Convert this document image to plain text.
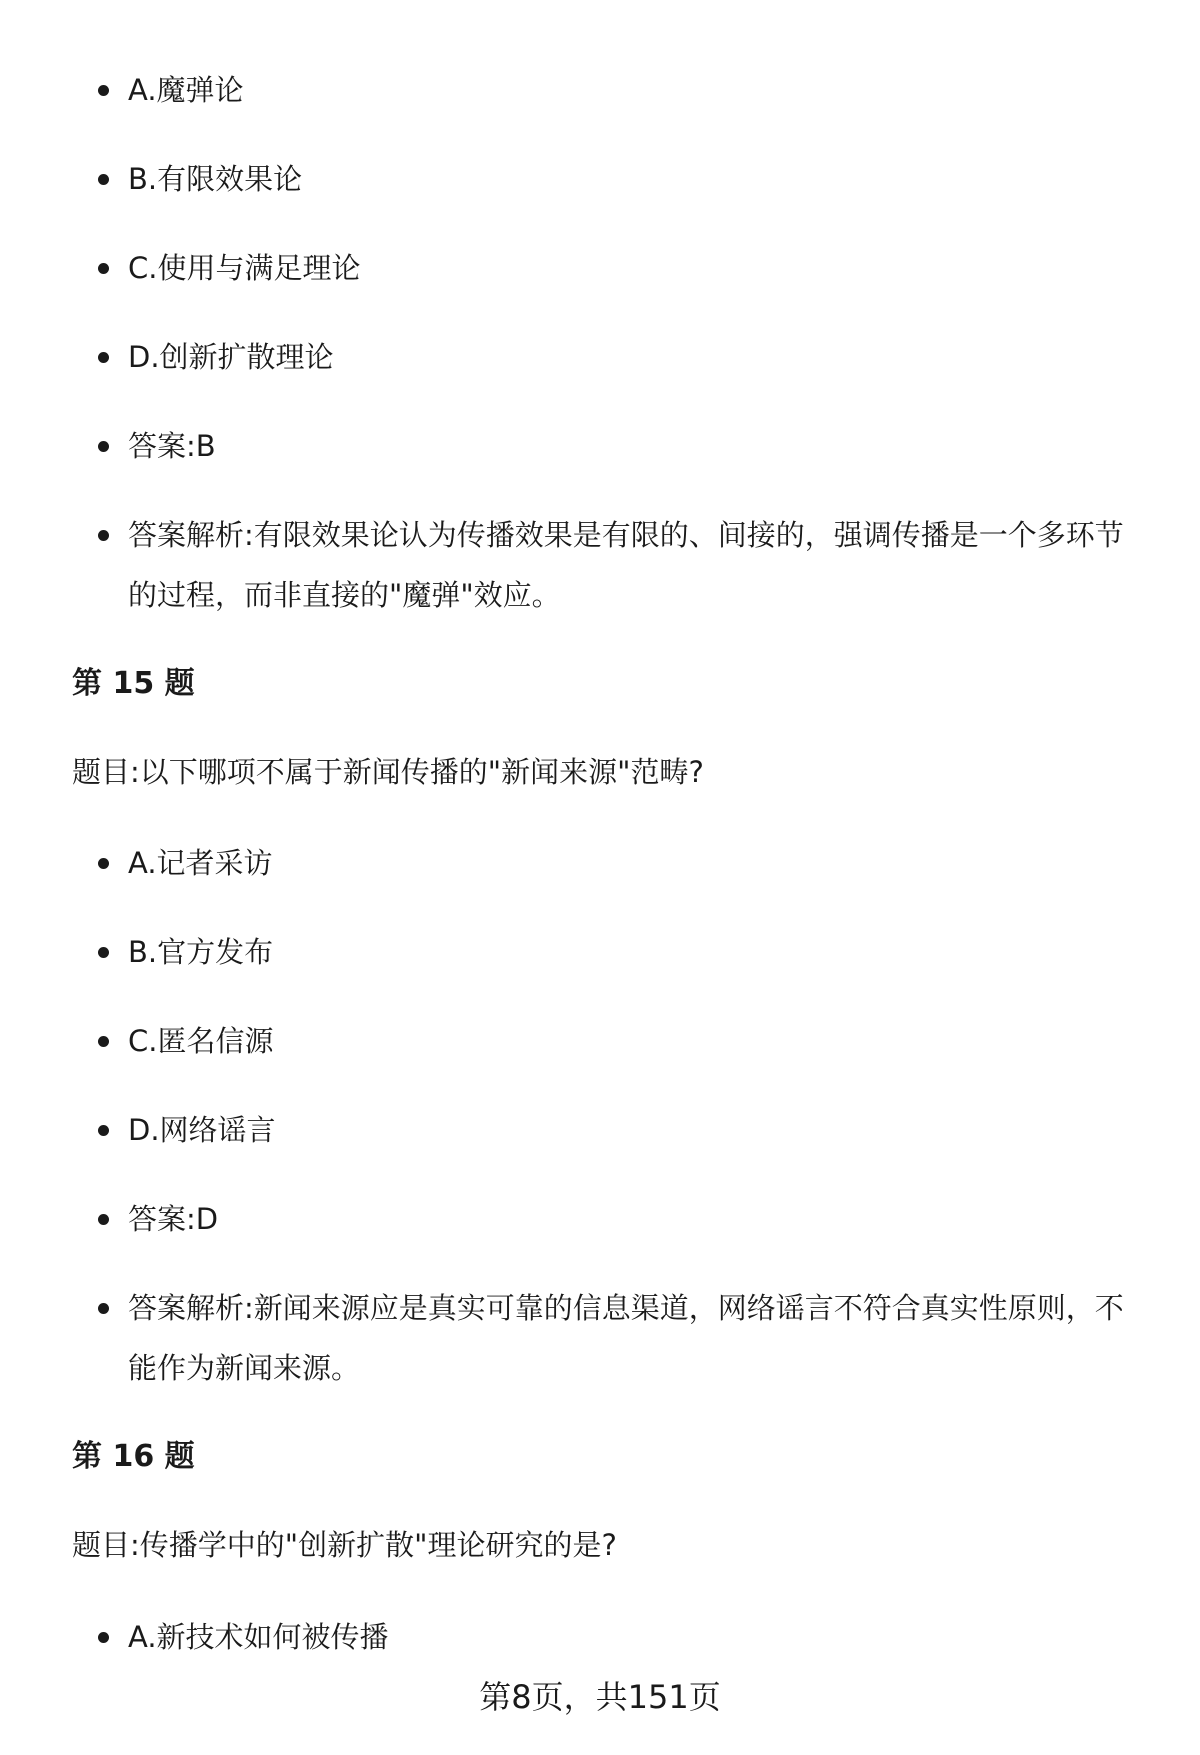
A.魔弹论

B.有限效果论

C.使用与满足理论

D.创新扩散理论

答案:B

答案解析:有限效果论认为传播效果是有限的、间接的，强调传播是一个多环节的过程，而非直接的"魔弹"效应。

第 15 题

题目:以下哪项不属于新闻传播的"新闻来源"范畴?

A.记者采访

B.官方发布

C.匿名信源

D.网络谣言

答案:D

答案解析:新闻来源应是真实可靠的信息渠道，网络谣言不符合真实性原则，不能作为新闻来源。

第 16 题

题目:传播学中的"创新扩散"理论研究的是?

A.新技术如何被传播

第8页，共151页
